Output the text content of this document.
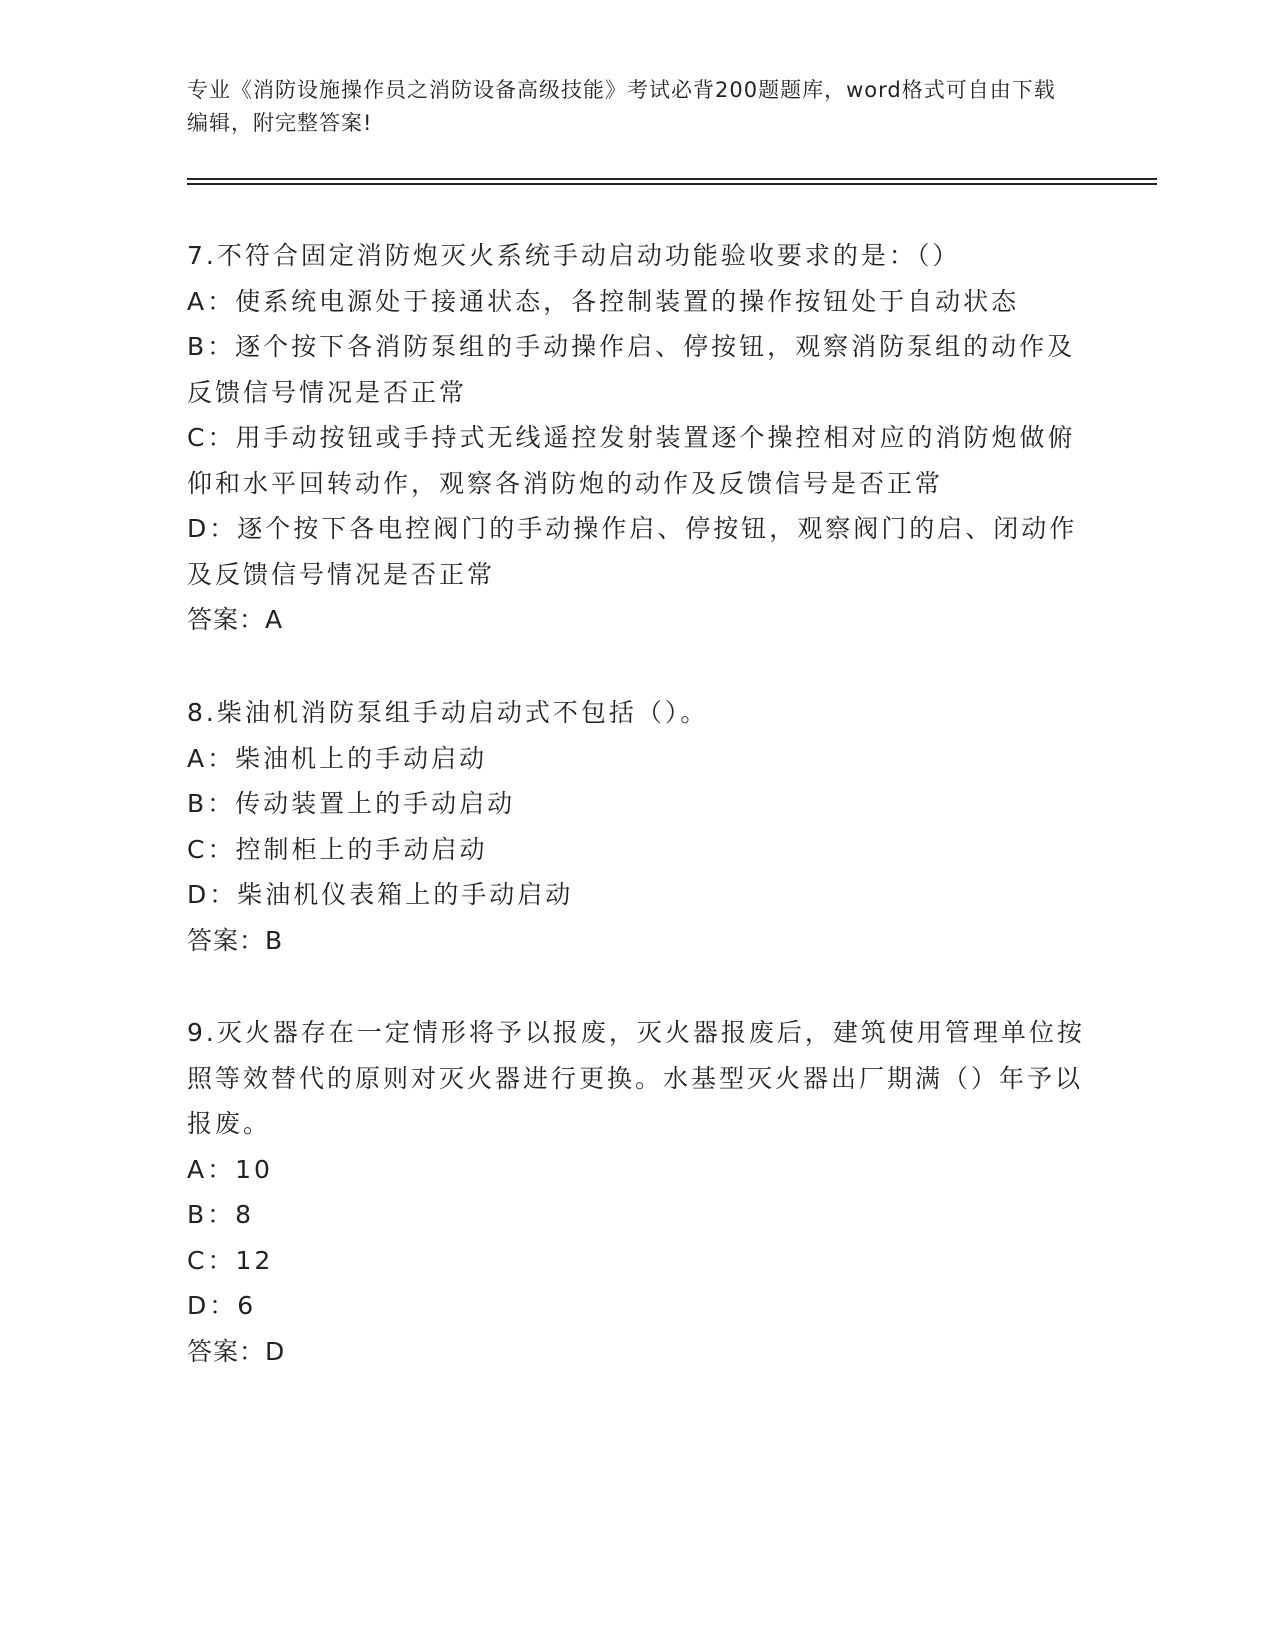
专业《消防设施操作员之消防设备高级技能》考试必背200题题库，word格式可自由下载编辑，附完整答案!
7.不符合固定消防炮灭火系统手动启动功能验收要求的是：（）
A：使系统电源处于接通状态，各控制装置的操作按钮处于自动状态
B：逐个按下各消防泵组的手动操作启、停按钮，观察消防泵组的动作及反馈信号情况是否正常
C：用手动按钮或手持式无线遥控发射装置逐个操控相对应的消防炮做俯仰和水平回转动作，观察各消防炮的动作及反馈信号是否正常
D：逐个按下各电控阀门的手动操作启、停按钮，观察阀门的启、闭动作及反馈信号情况是否正常
答案：A
8.柴油机消防泵组手动启动式不包括（）。
A：柴油机上的手动启动
B：传动装置上的手动启动
C：控制柜上的手动启动
D：柴油机仪表箱上的手动启动
答案：B
9.灭火器存在一定情形将予以报废，灭火器报废后，建筑使用管理单位按照等效替代的原则对灭火器进行更换。水基型灭火器出厂期满（）年予以报废。
A：10
B：8
C：12
D：6
答案：D
